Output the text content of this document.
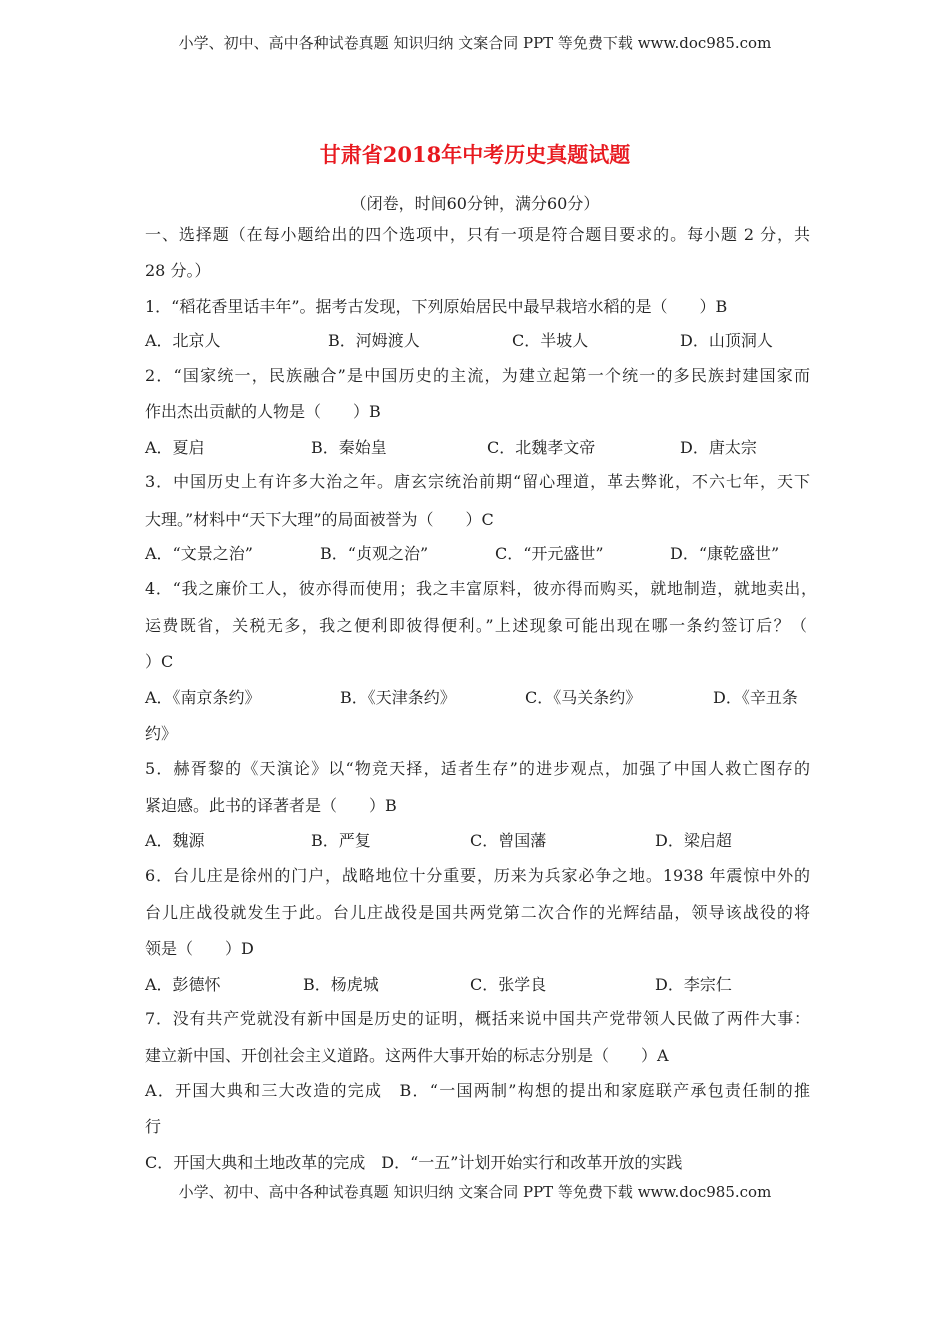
小学、初中、高中各种试卷真题 知识归纳 文案合同 PPT 等免费下载 www.doc985.com
甘肃省2018年中考历史真题试题
（闭卷，时间60分钟，满分60分）
一、选择题（在每小题给出的四个选项中，只有一项是符合题目要求的。每小题 2 分，共
28 分。）
1．“稻花香里话丰年”。据考古发现，下列原始居民中最早栽培水稻的是（　　）B
A．北京人	B．河姆渡人	C．半坡人	D．山顶洞人
2．“国家统一，民族融合”是中国历史的主流，为建立起第一个统一的多民族封建国家而
作出杰出贡献的人物是（　　）B
A．夏启	B．秦始皇	C．北魏孝文帝	D．唐太宗
3．中国历史上有许多大治之年。唐玄宗统治前期“留心理道，革去弊讹，不六七年，天下
大理。”材料中“天下大理”的局面被誉为（　　）C
A．“文景之治”	B．“贞观之治”	C．“开元盛世”	D．“康乾盛世”
4．“我之廉价工人，彼亦得而使用；我之丰富原料，彼亦得而购买，就地制造，就地卖出，
运费既省，关税无多，我之便利即彼得便利。”上述现象可能出现在哪一条约签订后？（
）C
A．《南京条约》	B．《天津条约》	C．《马关条约》	D．《辛丑条
约》
5．赫胥黎的《天演论》以“物竞天择，适者生存”的进步观点，加强了中国人救亡图存的
紧迫感。此书的译著者是（　　）B
A．魏源	B．严复	C．曾国藩	D．梁启超
6．台儿庄是徐州的门户，战略地位十分重要，历来为兵家必争之地。1938 年震惊中外的
台儿庄战役就发生于此。台儿庄战役是国共两党第二次合作的光辉结晶，领导该战役的将
领是（　　）D
A．彭德怀	B．杨虎城	C．张学良	D．李宗仁
7．没有共产党就没有新中国是历史的证明，概括来说中国共产党带领人民做了两件大事：
建立新中国、开创社会主义道路。这两件大事开始的标志分别是（　　）A
A．开国大典和三大改造的完成　B．“一国两制”构想的提出和家庭联产承包责任制的推
行
C．开国大典和土地改革的完成　D．“一五”计划开始实行和改革开放的实践
小学、初中、高中各种试卷真题 知识归纳 文案合同 PPT 等免费下载 www.doc985.com
